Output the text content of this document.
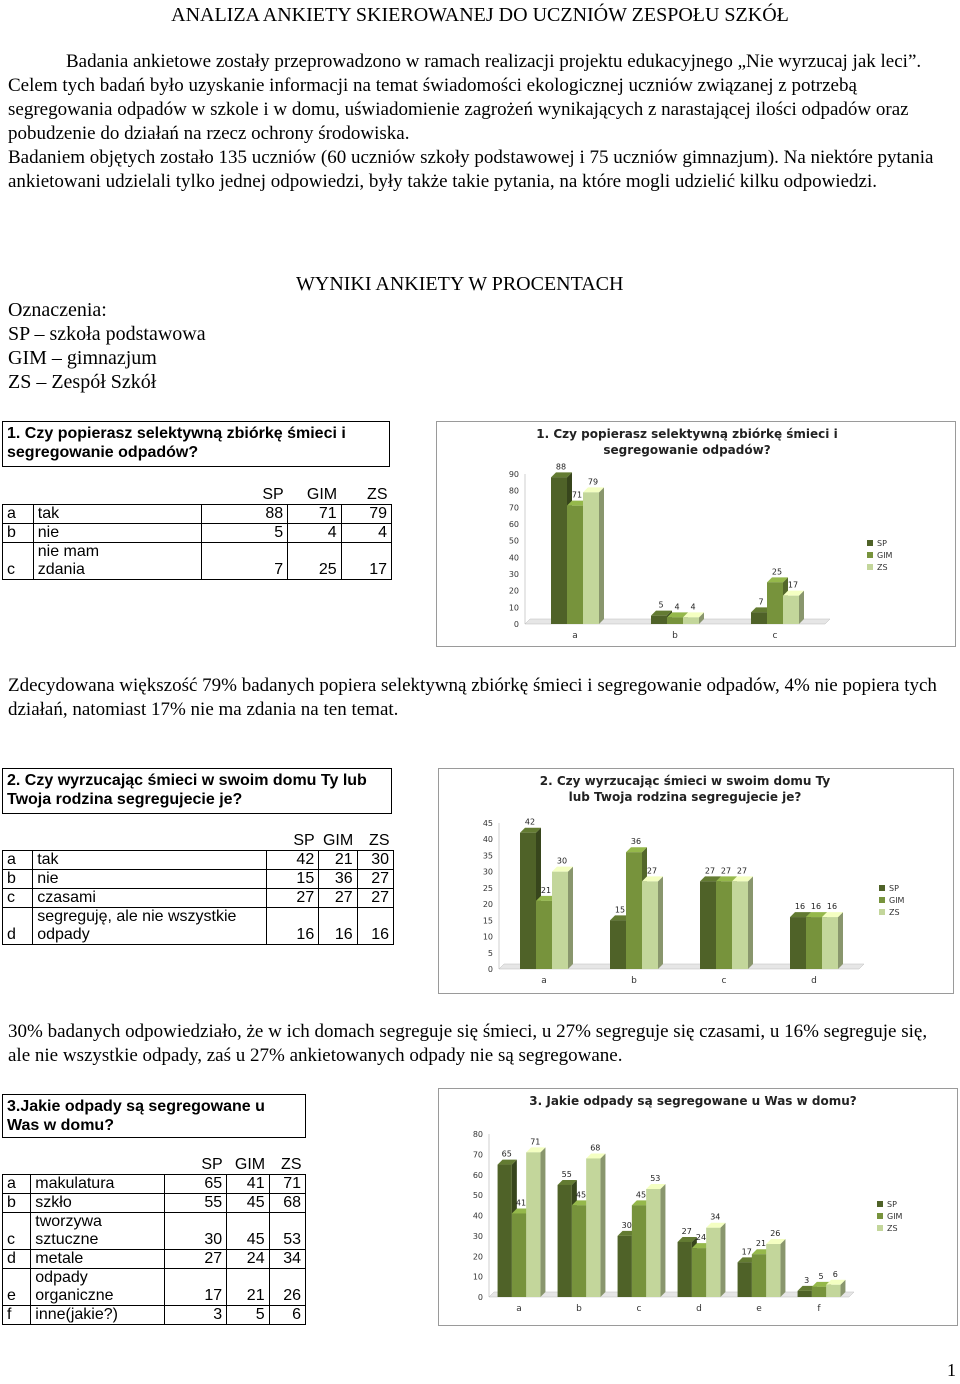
ANALIZA ANKIETY SKIEROWANEJ DO UCZNIÓW ZESPOŁU SZKÓŁ

Badania ankietowe zostały przeprowadzono w ramach realizacji projektu edukacyjnego „Nie wyrzucaj jak leci”.

Celem tych badań było uzyskanie informacji na temat świadomości ekologicznej uczniów związanej z potrzebą segregowania odpadów w szkole i w domu, uświadomienie zagrożeń wynikających z narastającej ilości odpadów oraz pobudzenie do działań na rzecz ochrony środowiska.

Badaniem objętych zostało 135 uczniów (60 uczniów szkoły podstawowej i 75 uczniów gimnazjum). Na niektóre pytania ankietowani udzielali tylko jednej odpowiedzi, były także takie pytania, na które mogli udzielić kilku odpowiedzi.

WYNIKI ANKIETY W PROCENTACH
Oznaczenia:
SP – szkoła podstawowa
GIM – gimnazjum
ZS – Zespół Szkół
1. Czy popierasz selektywną zbiórkę śmieci i segregowanie odpadów?
		SP	GIM	ZS
a	tak	88	71	79
b	nie	5	4	4
c	nie mam
zdania	7	25	17
1. Czy popierasz selektywną zbiórkę śmieci i
segregowanie odpadów?
0
10
20
30
40
50
60
70
80
90
88
71
79
a
5 4 4
b
7
25
17
c
SP
GIM
ZS
Zdecydowana większość 79% badanych popiera selektywną zbiórkę śmieci i segregowanie odpadów, 4% nie popiera tych działań, natomiast 17% nie ma zdania na ten temat.
2. Czy wyrzucając śmieci w swoim domu Ty lub Twoja rodzina segregujecie je?
		SP	GIM	ZS
a	tak	42	21	30
b	nie	15	36	27
c	czasami	27	27	27
d	segreguję, ale nie wszystkie
odpady	16	16	16
2. Czy wyrzucając śmieci w swoim domu Ty
lub Twoja rodzina segregujecie je?
0
5
10
15
20
25
30
35
40
45	42
21
30
a
15
36
27
b
27 27 27
c
16 16 16
d
SP
GIM
ZS
30% badanych odpowiedziało, że w ich domach segreguje się śmieci, u 27% segreguje się czasami, u 16% segreguje się, ale nie wszystkie odpady, zaś u 27% ankietowanych odpady nie są segregowane.
3.Jakie odpady są segregowane u Was w domu?
		SP	GIM	ZS
a	makulatura	65	41	71
b	szkło	55	45	68
c	tworzywa
sztuczne	30	45	53
d	metale	27	24	34
e	odpady
organiczne	17	21	26
f	inne(jakie?)	3	5	6
3. Jakie odpady są segregowane u Was w domu?
0
10
20
30
40
50
60
70
80
65
41
71
a
55
45
68
b
30
45
53
c
27
24
34
d
17
21
26
e
3 5 6
f
SP
GIM
ZS
1
